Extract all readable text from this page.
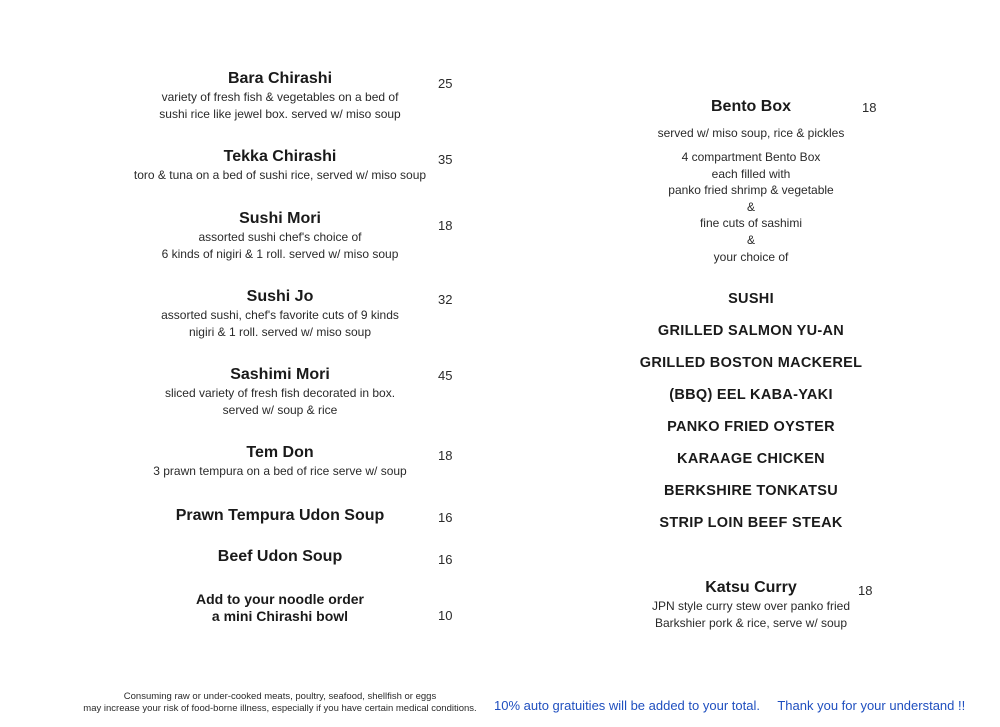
Bara Chirashi
variety of fresh fish & vegetables on a bed of
sushi rice like jewel box. served w/ miso soup
25
Tekka Chirashi
toro & tuna on a bed of sushi rice, served w/ miso soup
35
Sushi Mori
assorted sushi chef's choice of
6 kinds of nigiri & 1 roll. served w/ miso soup
18
Sushi Jo
assorted sushi, chef's favorite cuts of 9 kinds
nigiri & 1 roll. served w/ miso soup
32
Sashimi Mori
sliced variety of fresh fish decorated in box.
served w/ soup & rice
45
Tem Don
3 prawn tempura on a bed of rice serve w/ soup
18
Prawn Tempura Udon Soup	16
Beef Udon Soup	16
Add to your noodle order
a mini Chirashi bowl	10
Bento Box	18
served w/ miso soup, rice & pickles
4 compartment Bento Box
each filled with
panko fried shrimp & vegetable
&
fine cuts of sashimi
&
your choice of
SUSHI
GRILLED SALMON YU-AN
GRILLED BOSTON MACKEREL
(BBQ) EEL KABA-YAKI
PANKO FRIED OYSTER
KARAAGE CHICKEN
BERKSHIRE TONKATSU
STRIP LOIN BEEF STEAK
Katsu Curry	18
JPN style curry stew over panko fried
Barkshier pork & rice, serve w/ soup
Consuming raw or under-cooked meats, poultry, seafood, shellfish or eggs
may increase your risk of food-borne illness, especially if you have certain medical conditions.	10% auto gratuities will be added to your total. Thank you for your understand !!
